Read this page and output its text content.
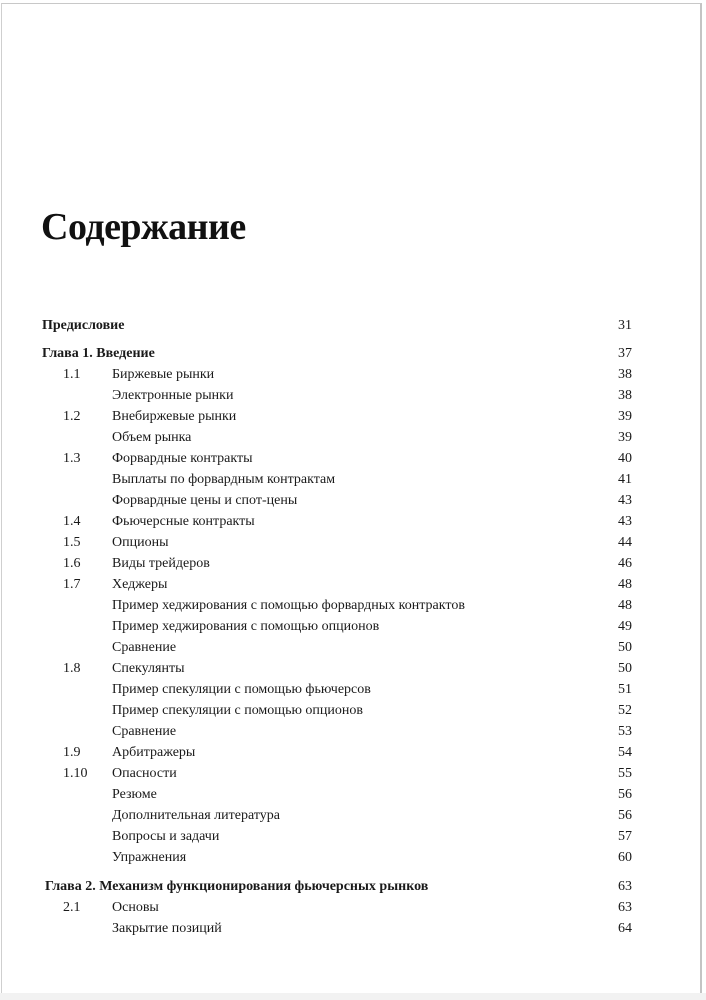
Содержание
Предисловие	31
Глава 1. Введение	37
1.1 Биржевые рынки	38
Электронные рынки	38
1.2 Внебиржевые рынки	39
Объем рынка	39
1.3 Форвардные контракты	40
Выплаты по форвардным контрактам	41
Форвардные цены и спот-цены	43
1.4 Фьючерсные контракты	43
1.5 Опционы	44
1.6 Виды трейдеров	46
1.7 Хеджеры	48
Пример хеджирования с помощью форвардных контрактов	48
Пример хеджирования с помощью опционов	49
Сравнение	50
1.8 Спекулянты	50
Пример спекуляции с помощью фьючерсов	51
Пример спекуляции с помощью опционов	52
Сравнение	53
1.9 Арбитражеры	54
1.10 Опасности	55
Резюме	56
Дополнительная литература	56
Вопросы и задачи	57
Упражнения	60
Глава 2. Механизм функционирования фьючерсных рынков	63
2.1 Основы	63
Закрытие позиций	64
